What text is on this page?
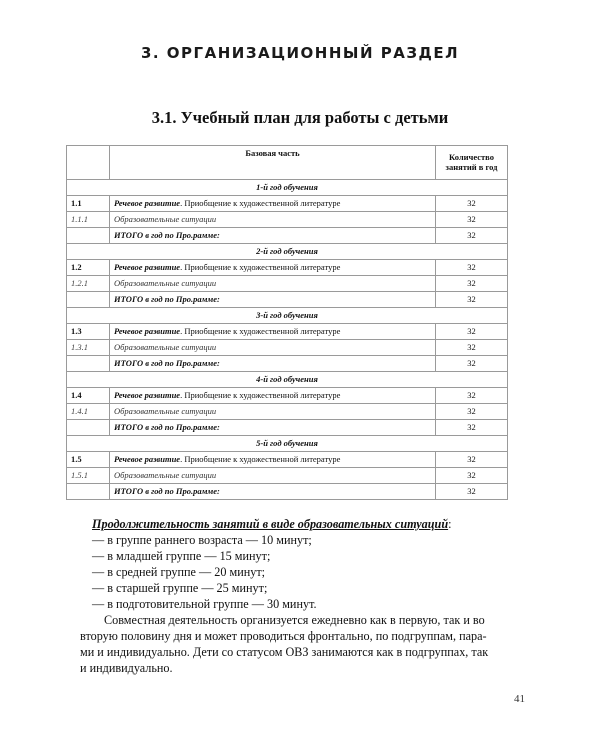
3. ОРГАНИЗАЦИОННЫЙ РАЗДЕЛ
3.1. Учебный план для работы с детьми
	Базовая часть	Количество
занятий в год
1-й год обучения		
1.1	Речевое развитие. Приобщение к художественной литературе	32
1.1.1	Образовательные ситуации	32
	ИТОГО в год по Про.рамме:	32
2-й год обучения		
1.2	Речевое развитие. Приобщение к художественной литературе	32
1.2.1	Образовательные ситуации	32
	ИТОГО в год по Про.рамме:	32
3-й год обучения		
1.3	Речевое развитие. Приобщение к художественной литературе	32
1.3.1	Образовательные ситуации	32
	ИТОГО в год по Про.рамме:	32
4-й год обучения		
1.4	Речевое развитие. Приобщение к художественной литературе	32
1.4.1	Образовательные ситуации	32
	ИТОГО в год по Про.рамме:	32
5-й год обучения		
1.5	Речевое развитие. Приобщение к художественной литературе	32
1.5.1	Образовательные ситуации	32
	ИТОГО в год по Про.рамме:	32

Продолжительность занятий в виде образовательных ситуаций:

— в группе раннего возраста — 10 минут;

— в младшей группе — 15 минут;

— в средней группе — 20 минут;

— в старшей группе — 25 минут;

— в подготовительной группе — 30 минут.

Совместная деятельность организуется ежедневно как в первую, так и во

вторую половину дня и может проводиться фронтально, по подгруппам, пара-

ми и индивидуально. Дети со статусом ОВЗ занимаются как в подгруппах, так

и индивидуально.

41
